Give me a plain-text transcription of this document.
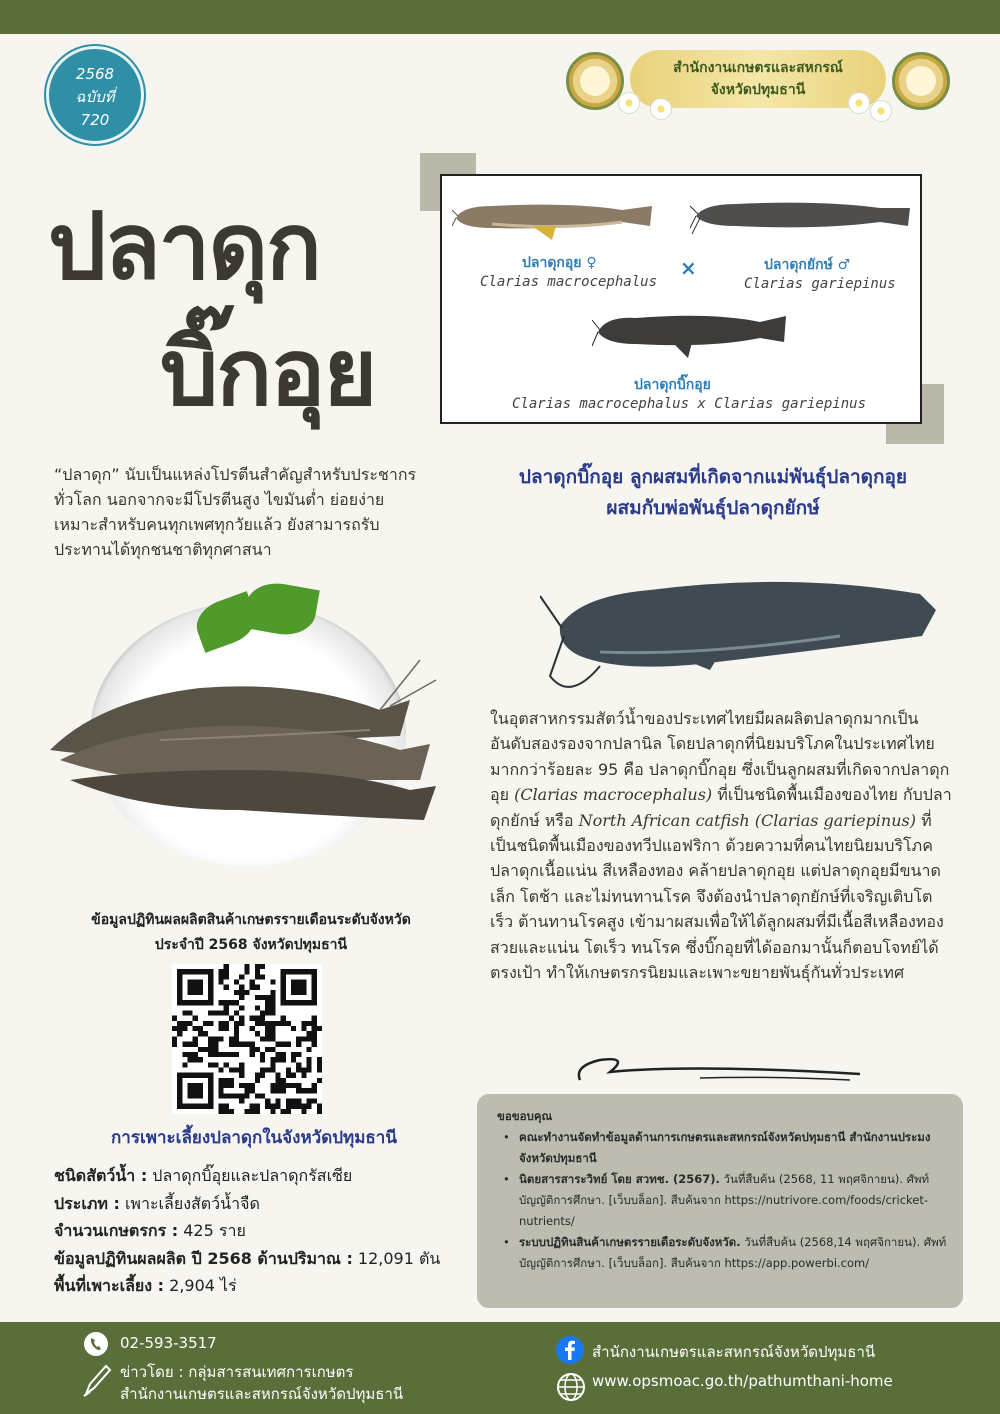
2568
ฉบับที่
720
สำนักงานเกษตรและสหกรณ์
จังหวัดปทุมธานี
ปลาดุก
บิ๊กอุย
ปลาดุกอุย ♀
Clarias macrocephalus
×	ปลาดุกยักษ์ ♂
Clarias gariepinus
ปลาดุกบิ๊กอุย
Clarias macrocephalus x Clarias gariepinus
“ปลาดุก” นับเป็นแหล่งโปรตีนสำคัญสำหรับประชากรทั่วโลก นอกจากจะมีโปรตีนสูง ไขมันต่ำ ย่อยง่าย เหมาะสำหรับคนทุกเพศทุกวัยแล้ว ยังสามารถรับประทานได้ทุกชนชาติทุกศาสนา
ปลาดุกบิ๊กอุย ลูกผสมที่เกิดจากแม่พันธุ์ปลาดุกอุย
ผสมกับพ่อพันธุ์ปลาดุกยักษ์
ในอุตสาหกรรมสัตว์น้ำของประเทศไทยมีผลผลิตปลาดุกมากเป็นอันดับสองรองจากปลานิล โดยปลาดุกที่นิยมบริโภคในประเทศไทยมากกว่าร้อยละ 95 คือ ปลาดุกบิ๊กอุย ซึ่งเป็นลูกผสมที่เกิดจากปลาดุกอุย (Clarias macrocephalus) ที่เป็นชนิดพื้นเมืองของไทย กับปลาดุกยักษ์ หรือ North African catfish (Clarias gariepinus) ที่เป็นชนิดพื้นเมืองของทวีปแอฟริกา ด้วยความที่คนไทยนิยมบริโภคปลาดุกเนื้อแน่น สีเหลืองทอง คล้ายปลาดุกอุย แต่ปลาดุกอุยมีขนาดเล็ก โตช้า และไม่ทนทานโรค จึงต้องนำปลาดุกยักษ์ที่เจริญเติบโตเร็ว ต้านทานโรคสูง เข้ามาผสมเพื่อให้ได้ลูกผสมที่มีเนื้อสีเหลืองทองสวยและแน่น โตเร็ว ทนโรค ซึ่งบิ๊กอุยที่ได้ออกมานั้นก็ตอบโจทย์ได้ตรงเป้า ทำให้เกษตรกรนิยมและเพาะขยายพันธุ์กันทั่วประเทศ
ข้อมูลปฏิทินผลผลิตสินค้าเกษตรรายเดือนระดับจังหวัด
ประจำปี 2568 จังหวัดปทุมธานี
การเพาะเลี้ยงปลาดุกในจังหวัดปทุมธานี
ชนิดสัตว์น้ำ : ปลาดุกบิ๊อุยและปลาดุกรัสเซีย
ประเภท : เพาะเลี้ยงสัตว์น้ำจืด
จำนวนเกษตรกร : 425 ราย
ข้อมูลปฏิทินผลผลิต ปี 2568 ด้านปริมาณ : 12,091 ตัน
พื้นที่เพาะเลี้ยง : 2,904 ไร่
ขอขอบคุณ
• คณะทำงานจัดทำข้อมูลด้านการเกษตรและสหกรณ์จังหวัดปทุมธานี สำนักงานประมงจังหวัดปทุมธานี
• นิตยสารสาระวิทย์ โดย สวทช. (2567). วันที่สืบค้น (2568, 11 พฤศจิกายน). ศัพท์บัญญัติการศึกษา. [เว็บบล็อก]. สืบค้นจาก https://nutrivore.com/foods/cricket-nutrients/
• ระบบปฏิทินสินค้าเกษตรรายเดือระดับจังหวัด. วันที่สืบค้น (2568,14 พฤศจิกายน). ศัพท์บัญญัติการศึกษา. [เว็บบล็อก]. สืบค้นจาก https://app.powerbi.com/
02-593-3517
ข่าวโดย : กลุ่มสารสนเทศการเกษตร
สำนักงานเกษตรและสหกรณ์จังหวัดปทุมธานี
สำนักงานเกษตรและสหกรณ์จังหวัดปทุมธานี
www.opsmoac.go.th/pathumthani-home
